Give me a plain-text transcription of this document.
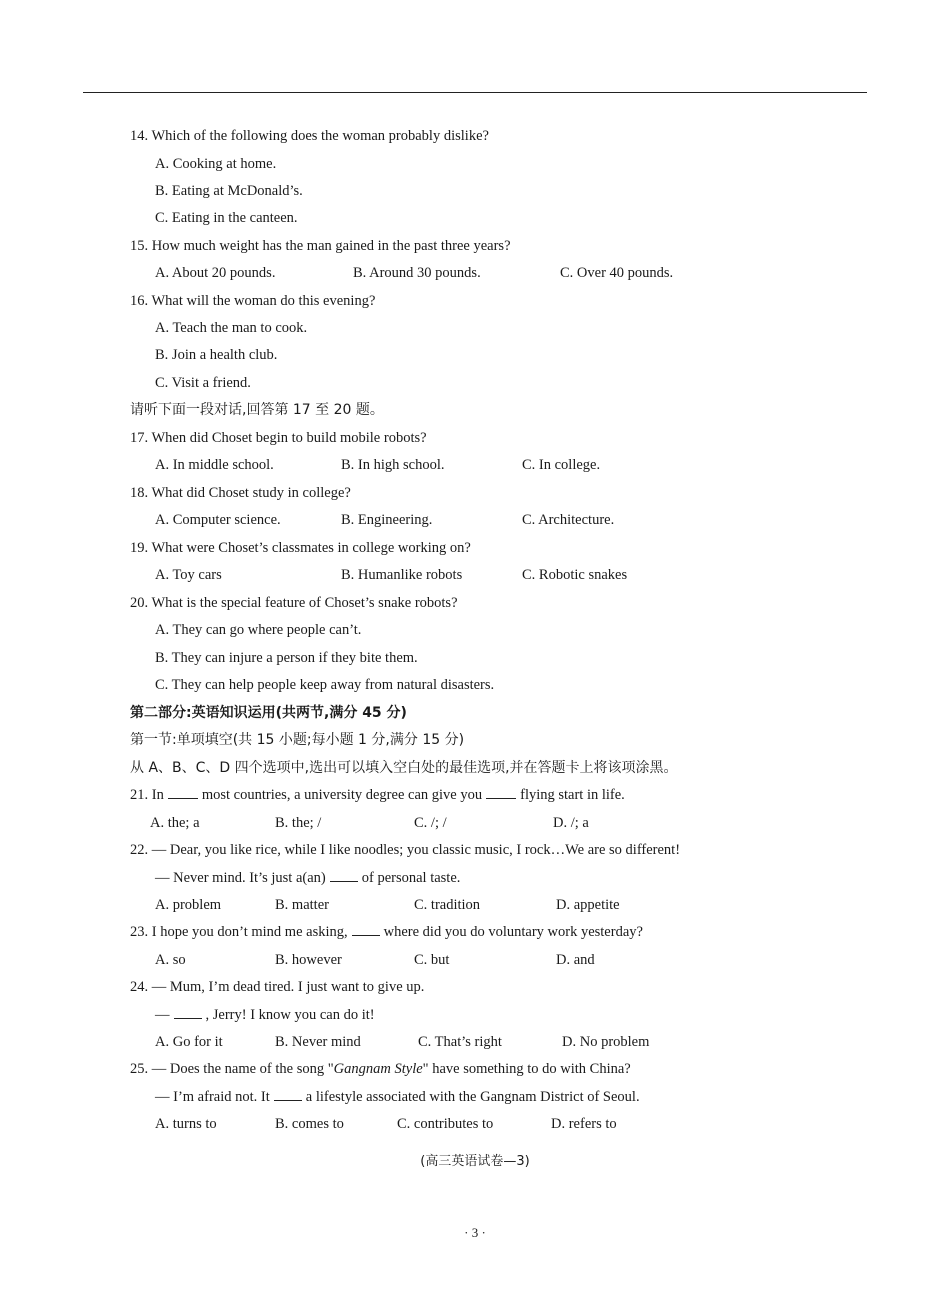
14. Which of the following does the woman probably dislike?
A. Cooking at home.
B. Eating at McDonald’s.
C. Eating in the canteen.
15. How much weight has the man gained in the past three years?
A. About 20 pounds.	B. Around 30 pounds.	C. Over 40 pounds.
16. What will the woman do this evening?
A. Teach the man to cook.
B. Join a health club.
C. Visit a friend.
请听下面一段对话,回答第 17 至 20 题。
17. When did Choset begin to build mobile robots?
A. In middle school.	B. In high school.	C. In college.
18. What did Choset study in college?
A. Computer science.	B. Engineering.	C. Architecture.
19. What were Choset’s classmates in college working on?
A. Toy cars	B. Humanlike robots	C. Robotic snakes
20. What is the special feature of Choset’s snake robots?
A. They can go where people can’t.
B. They can injure a person if they bite them.
C. They can help people keep away from natural disasters.
第二部分:英语知识运用(共两节,满分 45 分)
第一节:单项填空(共 15 小题;每小题 1 分,满分 15 分)
从 A、B、C、D 四个选项中,选出可以填入空白处的最佳选项,并在答题卡上将该项涂黑。
21. In	most countries, a university degree can give you	flying start in life.
A. the; a	B. the; /	C. /; /	D. /; a
22. — Dear, you like rice, while I like noodles; you classic music, I rock…We are so different!
— Never mind. It’s just a(an) of personal taste.
A. problem	B. matter	C. tradition	D. appetite
23. I hope you don’t mind me asking, where did you do voluntary work yesterday?
A. so	B. however	C. but	D. and
24. — Mum, I’m dead tired. I just want to give up.
— , Jerry! I know you can do it!
A. Go for it	B. Never mind	C. That’s right	D. No problem
25. — Does the name of the song "Gangnam Style" have something to do with China?
— I’m afraid not. It a lifestyle associated with the Gangnam District of Seoul.
A. turns to	B. comes to	C. contributes to	D. refers to
(高三英语试卷—3)
· 3 ·
